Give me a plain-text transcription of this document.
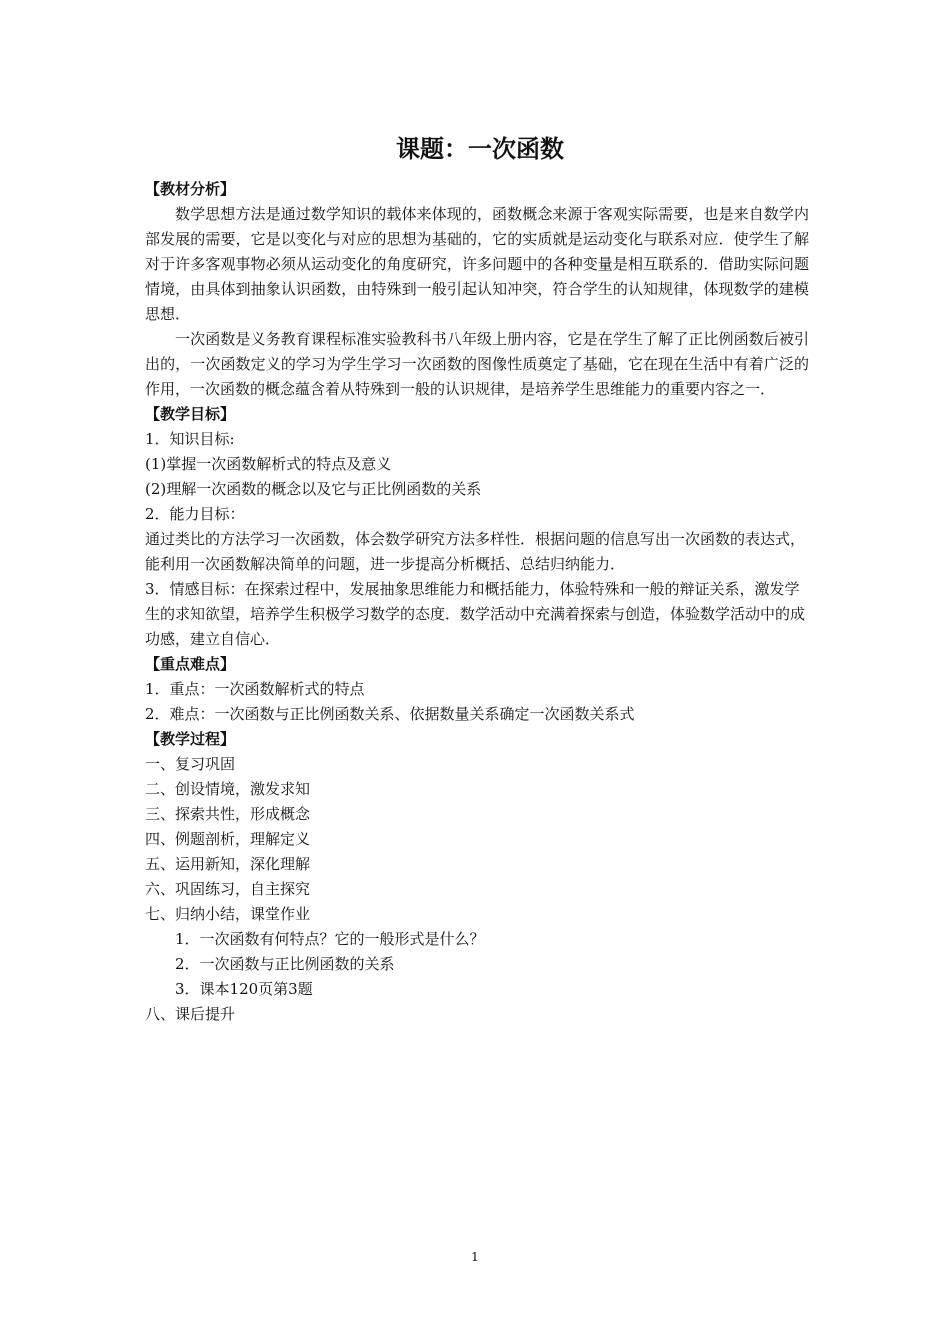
课题：一次函数

【教材分析】

数学思想方法是通过数学知识的载体来体现的，函数概念来源于客观实际需要，也是来自数学内部发展的需要，它是以变化与对应的思想为基础的，它的实质就是运动变化与联系对应．使学生了解对于许多客观事物必须从运动变化的角度研究，许多问题中的各种变量是相互联系的．借助实际问题情境，由具体到抽象认识函数，由特殊到一般引起认知冲突，符合学生的认知规律，体现数学的建模思想．

一次函数是义务教育课程标准实验教科书八年级上册内容，它是在学生了解了正比例函数后被引出的，一次函数定义的学习为学生学习一次函数的图像性质奠定了基础，它在现在生活中有着广泛的作用，一次函数的概念蕴含着从特殊到一般的认识规律，是培养学生思维能力的重要内容之一．

【教学目标】

1．知识目标:

(1)掌握一次函数解析式的特点及意义

(2)理解一次函数的概念以及它与正比例函数的关系

2．能力目标：

通过类比的方法学习一次函数，体会数学研究方法多样性．根据问题的信息写出一次函数的表达式，能利用一次函数解决简单的问题，进一步提高分析概括、总结归纳能力．

3．情感目标：在探索过程中，发展抽象思维能力和概括能力，体验特殊和一般的辩证关系，激发学生的求知欲望，培养学生积极学习数学的态度．数学活动中充满着探索与创造，体验数学活动中的成功感，建立自信心．

【重点难点】

1．重点：一次函数解析式的特点

2．难点：一次函数与正比例函数关系、依据数量关系确定一次函数关系式

【教学过程】

一、复习巩固

二、创设情境，激发求知

三、探索共性，形成概念

四、例题剖析，理解定义

五、运用新知，深化理解

六、巩固练习，自主探究

七、归纳小结，课堂作业

1．一次函数有何特点？它的一般形式是什么？

2．一次函数与正比例函数的关系

3．课本120页第3题

八、课后提升

1
